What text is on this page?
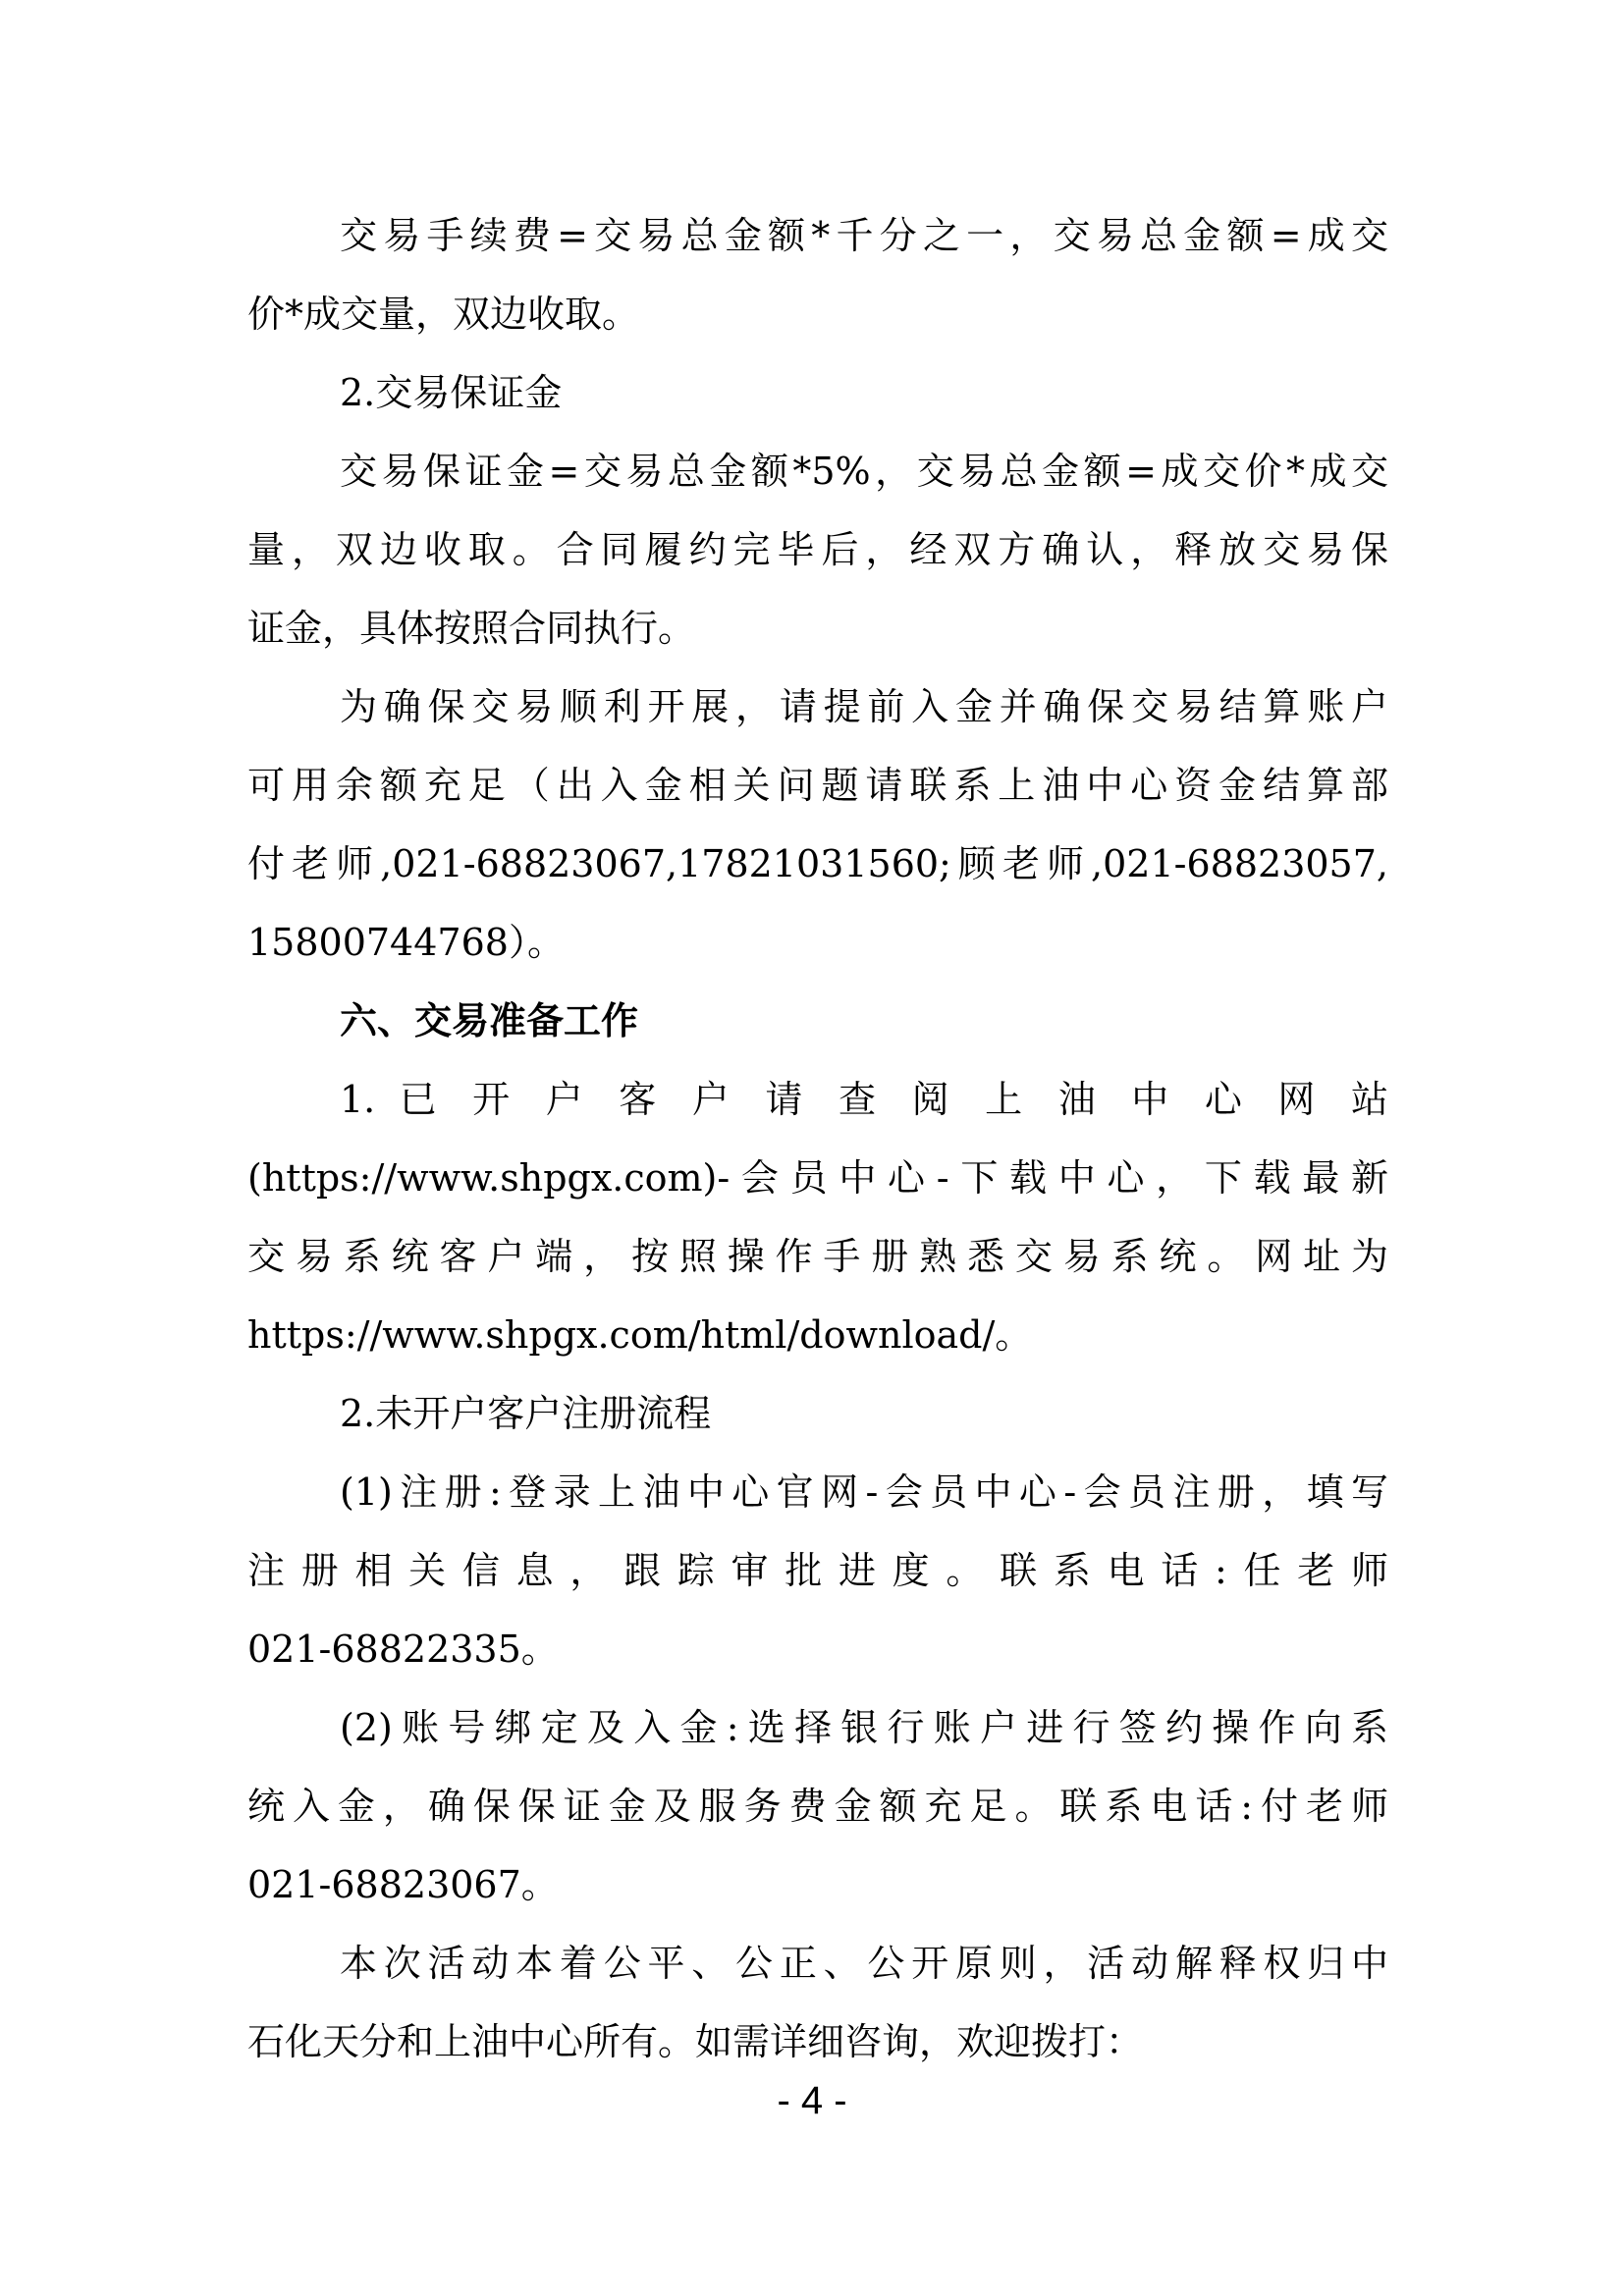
交易手续费=交易总金额*千分之一，交易总金额=成交
价*成交量，双边收取。
2.交易保证金
交易保证金=交易总金额*5%，交易总金额=成交价*成交
量，双边收取。合同履约完毕后，经双方确认，释放交易保
证金，具体按照合同执行。
为确保交易顺利开展，请提前入金并确保交易结算账户
可用余额充足（出入金相关问题请联系上油中心资金结算部
付老师,021-68823067,17821031560;顾老师,021-68823057,
15800744768）。
六、交易准备工作
1. 已 开 户 客 户 请 查 阅 上 油 中 心 网 站
(https://www.shpgx.com)-会员中心-下载中心，下载最新
交易系统客户端，按照操作手册熟悉交易系统。网址为
https://www.shpgx.com/html/download/。
2.未开户客户注册流程
(1)注册:登录上油中心官网-会员中心-会员注册，填写
注册相关信息，跟踪审批进度。联系电话:任老师
021-68822335。
(2)账号绑定及入金:选择银行账户进行签约操作向系
统入金，确保保证金及服务费金额充足。联系电话:付老师
021-68823067。
本次活动本着公平、公正、公开原则，活动解释权归中
石化天分和上油中心所有。如需详细咨询，欢迎拨打：
- 4 -
